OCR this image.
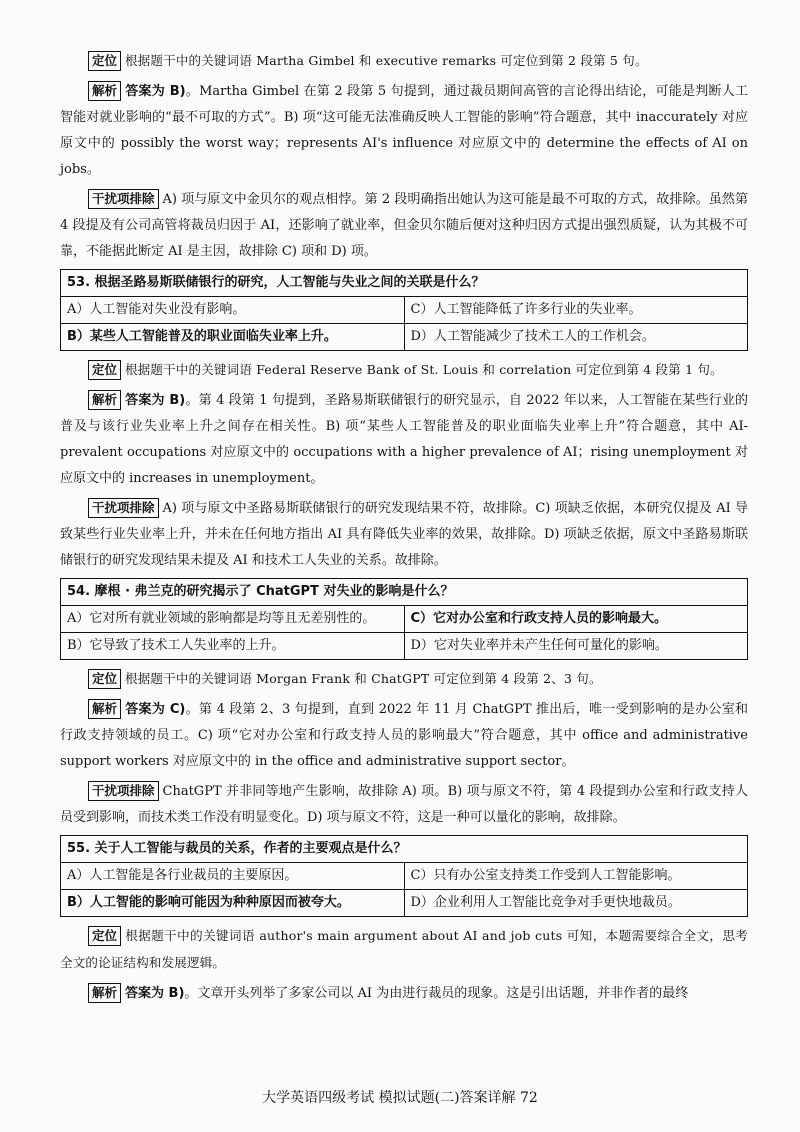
定位 根据题干中的关键词语 Martha Gimbel 和 executive remarks 可定位到第 2 段第 5 句。

解析 答案为 B)。Martha Gimbel 在第 2 段第 5 句提到，通过裁员期间高管的言论得出结论，可能是判断人工智能对就业影响的“最不可取的方式”。B) 项“这可能无法准确反映人工智能的影响”符合题意，其中 inaccurately 对应原文中的 possibly the worst way；represents AI's influence 对应原文中的 determine the effects of AI on jobs。

干扰项排除 A) 项与原文中金贝尔的观点相悖。第 2 段明确指出她认为这可能是最不可取的方式，故排除。虽然第 4 段提及有公司高管将裁员归因于 AI，还影响了就业率，但金贝尔随后便对这种归因方式提出强烈质疑，认为其极不可靠，不能据此断定 AI 是主因，故排除 C) 项和 D) 项。

53. 根据圣路易斯联储银行的研究，人工智能与失业之间的关联是什么？
A）人工智能对失业没有影响。	C）人工智能降低了许多行业的失业率。
B）某些人工智能普及的职业面临失业率上升。	D）人工智能减少了技术工人的工作机会。

定位 根据题干中的关键词语 Federal Reserve Bank of St. Louis 和 correlation 可定位到第 4 段第 1 句。

解析 答案为 B)。第 4 段第 1 句提到，圣路易斯联储银行的研究显示，自 2022 年以来，人工智能在某些行业的普及与该行业失业率上升之间存在相关性。B) 项“某些人工智能普及的职业面临失业率上升”符合题意，其中 AI-prevalent occupations 对应原文中的 occupations with a higher prevalence of AI；rising unemployment 对应原文中的 increases in unemployment。

干扰项排除 A) 项与原文中圣路易斯联储银行的研究发现结果不符，故排除。C) 项缺乏依据，本研究仅提及 AI 导致某些行业失业率上升，并未在任何地方指出 AI 具有降低失业率的效果，故排除。D) 项缺乏依据，原文中圣路易斯联储银行的研究发现结果未提及 AI 和技术工人失业的关系。故排除。

54. 摩根 · 弗兰克的研究揭示了 ChatGPT 对失业的影响是什么？
A）它对所有就业领域的影响都是均等且无差别性的。	C）它对办公室和行政支持人员的影响最大。
B）它导致了技术工人失业率的上升。	D）它对失业率并未产生任何可量化的影响。

定位 根据题干中的关键词语 Morgan Frank 和 ChatGPT 可定位到第 4 段第 2、3 句。

解析 答案为 C)。第 4 段第 2、3 句提到，直到 2022 年 11 月 ChatGPT 推出后，唯一受到影响的是办公室和行政支持领域的员工。C) 项“它对办公室和行政支持人员的影响最大”符合题意，其中 office and administrative support workers 对应原文中的 in the office and administrative support sector。

干扰项排除 ChatGPT 并非同等地产生影响，故排除 A) 项。B) 项与原文不符，第 4 段提到办公室和行政支持人员受到影响，而技术类工作没有明显变化。D) 项与原文不符，这是一种可以量化的影响，故排除。

55. 关于人工智能与裁员的关系，作者的主要观点是什么？
A）人工智能是各行业裁员的主要原因。	C）只有办公室支持类工作受到人工智能影响。
B）人工智能的影响可能因为种种原因而被夸大。	D）企业利用人工智能比竞争对手更快地裁员。

定位 根据题干中的关键词语 author's main argument about AI and job cuts 可知，本题需要综合全文，思考全文的论证结构和发展逻辑。

解析 答案为 B)。文章开头列举了多家公司以 AI 为由进行裁员的现象。这是引出话题，并非作者的最终

大学英语四级考试 模拟试题(二)答案详解 72
